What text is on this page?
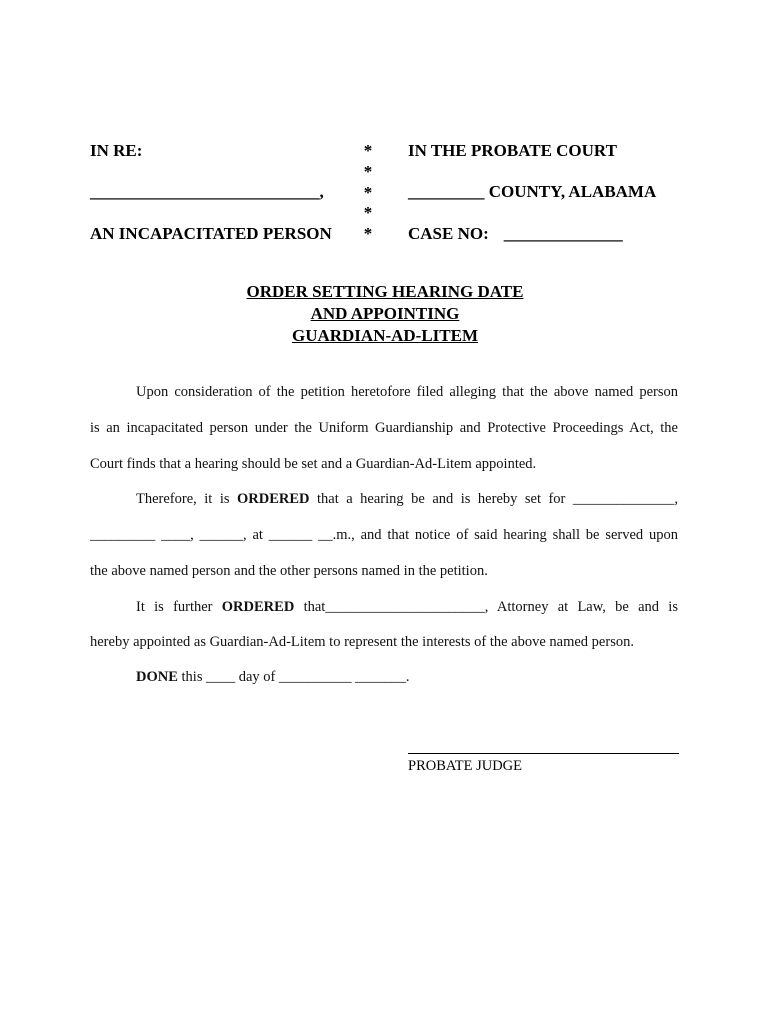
IN RE:
___________________________,
AN INCAPACITATED PERSON
*
*
*
*
*
IN THE PROBATE COURT
_________ COUNTY, ALABAMA
CASE NO: ______________
ORDER SETTING HEARING DATE
AND APPOINTING
GUARDIAN-AD-LITEM
Upon consideration of the petition heretofore filed alleging that the above named person
is an incapacitated person under the Uniform Guardianship and Protective Proceedings Act, the
Court finds that a hearing should be set and a Guardian-Ad-Litem appointed.
Therefore, it is ORDERED that a hearing be and is hereby set for ______________,
_________ ____, ______, at ______ __.m., and that notice of said hearing shall be served upon
the above named person and the other persons named in the petition.
It is further ORDERED that______________________, Attorney at Law, be and is
hereby appointed as Guardian-Ad-Litem to represent the interests of the above named person.
DONE this ____ day of __________ _______.
PROBATE JUDGE
